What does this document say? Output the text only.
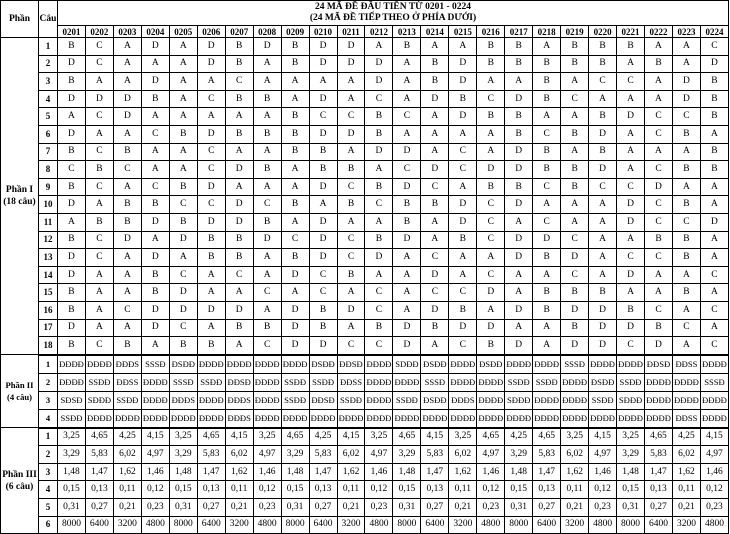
Phần	Câu	24 MÃ ĐỀ ĐẦU TIÊN TỪ 0201 - 0224
(24 MÃ ĐỀ TIẾP THEO Ở PHÍA DƯỚI)																							
		0201	0202	0203	0204	0205	0206	0207	0208	0209	0210	0211	0212	0213	0214	0215	0216	0217	0218	0219	0220	0221	0222	0223	0224
Phần I
(18 câu)	1	B	C	A	D	A	D	B	D	B	D	D	A	B	A	A	B	B	A	B	B	B	A	A	C
	2	D	C	A	A	A	D	B	A	B	D	D	D	A	B	D	B	B	B	B	B	A	B	A	D
	3	B	A	A	D	A	A	C	A	A	A	A	D	A	B	D	A	A	B	A	C	C	A	D	B
	4	D	D	D	B	A	C	B	B	A	D	A	C	A	D	B	C	D	B	C	A	A	A	D	B
	5	A	C	D	A	A	A	A	A	B	C	C	B	C	A	D	B	B	A	A	B	D	C	C	B
	6	D	A	A	C	B	D	B	B	B	D	D	B	A	A	A	A	B	C	B	D	A	C	B	A
	7	B	C	B	A	A	C	A	A	B	B	A	D	D	A	C	A	D	B	A	B	A	A	A	B
	8	C	B	C	A	A	C	D	B	A	B	B	A	C	D	C	D	D	B	B	D	A	C	B	B
	9	B	C	A	C	B	D	A	A	A	D	C	B	D	C	A	B	B	C	B	C	C	D	A	A
	10	D	A	B	B	C	C	D	C	B	A	B	C	B	B	D	C	D	A	A	A	D	C	B	A
	11	A	B	B	D	B	D	D	B	A	D	A	A	B	A	D	C	A	C	A	A	D	C	C	D
	12	B	C	D	A	D	B	B	D	C	D	C	B	D	A	B	C	D	D	C	A	A	B	B	A
	13	D	C	A	D	A	B	B	A	B	D	C	D	A	C	A	A	D	B	D	A	C	C	B	A
	14	D	A	A	B	C	A	C	A	D	C	B	A	A	D	A	C	A	A	C	A	D	A	A	C
	15	B	A	A	B	D	A	A	C	A	C	A	C	A	C	C	D	A	B	B	B	A	A	B	A
	16	B	A	C	D	D	D	D	A	D	B	D	C	A	D	B	A	D	B	D	D	B	C	A	C
	17	D	A	A	D	C	A	B	B	D	B	A	B	D	B	D	D	A	A	B	D	D	B	C	A
	18	B	C	B	A	B	B	A	C	D	D	C	C	D	A	C	B	D	A	D	D	C	D	A	C
Phần II
(4 câu)	1	ĐĐĐĐ	ĐĐĐĐ	ĐĐĐS	SSSĐ	ĐSĐĐ	ĐĐĐĐ	ĐĐĐĐ	ĐĐĐĐ	ĐĐĐĐ	ĐSĐĐ	ĐĐSĐ	ĐĐĐĐ	SDĐĐ	ĐSĐĐ	ĐĐĐĐ	ĐSĐĐ	ĐĐĐĐ	ĐĐĐĐ	SSSĐ	ĐĐĐĐ	ĐĐĐĐ	ĐĐSĐ	ĐĐSS	ĐĐĐĐ
	2	ĐĐĐĐ	SSĐĐ	ĐĐSS	ĐĐĐĐ	SSSĐ	SSĐĐ	ĐĐSĐ	ĐĐĐĐ	SSĐĐ	SSĐĐ	ĐĐSS	ĐĐĐĐ	ĐĐĐĐ	SSSĐ	ĐĐĐĐ	ĐĐĐĐ	SSĐĐ	SSĐĐ	ĐĐĐĐ	ĐSĐĐ	SSĐĐ	ĐĐĐĐ	ĐĐĐĐ	SSSĐ
	3	SĐSĐ	SĐĐĐ	SSĐĐ	ĐĐĐĐ	ĐĐĐS	ĐĐĐĐ	ĐĐĐS	ĐĐĐĐ	SSĐĐ	ĐĐSĐ	SSĐĐ	ĐĐĐĐ	SSĐĐ	ĐSĐĐ	ĐĐĐS	ĐĐĐĐ	SĐĐĐ	ĐĐĐĐ	ĐĐĐĐ	SSĐĐ	SĐĐĐ	ĐĐĐĐ	ĐĐĐĐ	ĐĐĐĐ
	4	SSĐĐ	ĐĐĐĐ	ĐĐĐĐ	ĐĐĐĐ	ĐĐĐĐ	ĐĐĐĐ	ĐĐĐS	ĐĐĐĐ	ĐĐĐĐ	ĐĐĐĐ	ĐĐĐĐ	ĐĐĐĐ	ĐĐĐĐ	ĐĐĐĐ	ĐĐĐĐ	ĐĐĐĐ	ĐĐĐĐ	ĐĐĐĐ	ĐĐĐĐ	ĐĐĐĐ	ĐĐĐĐ	ĐĐĐĐ	ĐĐSS	ĐĐĐĐ
Phần III
(6 câu)	1	3,25	4,65	4,25	4,15	3,25	4,65	4,15	3,25	4,65	4,25	4,15	3,25	4,65	4,15	3,25	4,65	4,25	4,65	3,25	4,15	3,25	4,65	4,25	4,15
	2	3,29	5,83	6,02	4,97	3,29	5,83	6,02	4,97	3,29	5,83	6,02	4,97	3,29	5,83	6,02	4,97	3,29	5,83	6,02	4,97	3,29	5,83	6,02	4,97
	3	1,48	1,47	1,62	1,46	1,48	1,47	1,62	1,46	1,48	1,47	1,62	1,46	1,48	1,47	1,62	1,46	1,48	1,47	1,62	1,46	1,48	1,47	1,62	1,46
	4	0,15	0,13	0,11	0,12	0,15	0,13	0,11	0,12	0,15	0,13	0,11	0,12	0,15	0,13	0,11	0,12	0,15	0,13	0,11	0,12	0,15	0,13	0,11	0,12
	5	0,31	0,27	0,21	0,23	0,31	0,27	0,21	0,23	0,31	0,27	0,21	0,23	0,31	0,27	0,21	0,23	0,31	0,27	0,21	0,23	0,31	0,27	0,21	0,23
	6	8000	6400	3200	4800	8000	6400	3200	4800	8000	6400	3200	4800	8000	6400	3200	4800	8000	6400	3200	4800	8000	6400	3200	4800
